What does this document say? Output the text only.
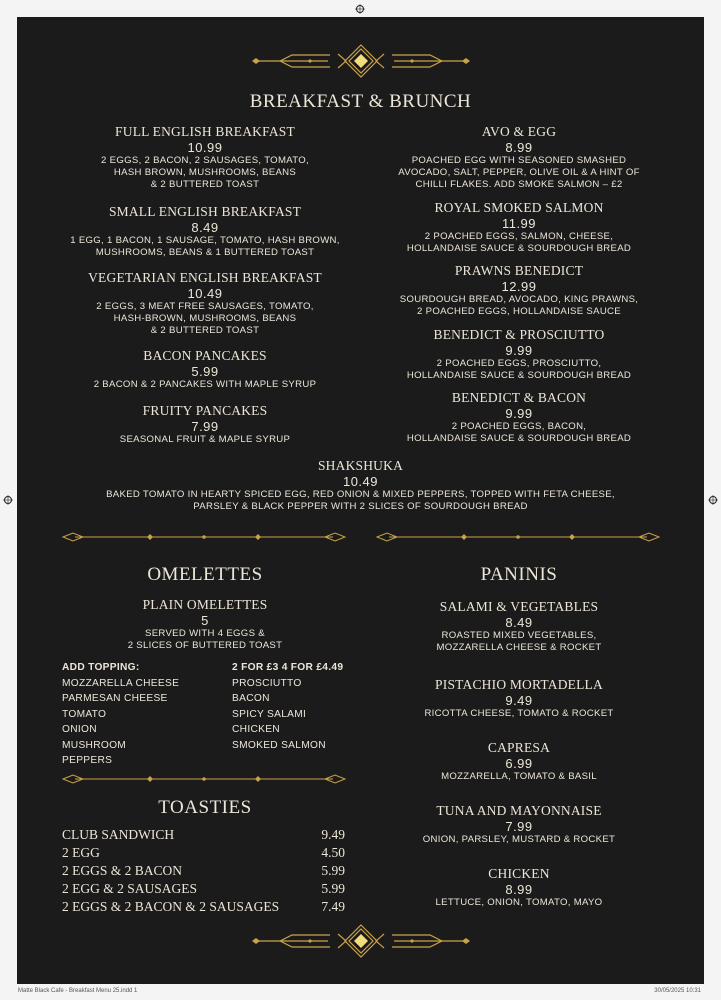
BREAKFAST & BRUNCH
FULL ENGLISH BREAKFAST
10.99
2 EGGS, 2 BACON, 2 SAUSAGES, TOMATO,
HASH BROWN, MUSHROOMS, BEANS
& 2 BUTTERED TOAST
SMALL ENGLISH BREAKFAST
8.49
1 EGG, 1 BACON, 1 SAUSAGE, TOMATO, HASH BROWN,
MUSHROOMS, BEANS & 1 BUTTERED TOAST
VEGETARIAN ENGLISH BREAKFAST
10.49
2 EGGS, 3 MEAT FREE SAUSAGES, TOMATO,
HASH-BROWN, MUSHROOMS, BEANS
& 2 BUTTERED TOAST
BACON PANCAKES
5.99
2 BACON & 2 PANCAKES WITH MAPLE SYRUP
FRUITY PANCAKES
7.99
SEASONAL FRUIT & MAPLE SYRUP
AVO & EGG
8.99
POACHED EGG WITH SEASONED SMASHED
AVOCADO, SALT, PEPPER, OLIVE OIL & A HINT OF
CHILLI FLAKES. ADD SMOKE SALMON – £2
ROYAL SMOKED SALMON
11.99
2 POACHED EGGS, SALMON, CHEESE,
HOLLANDAISE SAUCE & SOURDOUGH BREAD
PRAWNS BENEDICT
12.99
SOURDOUGH BREAD, AVOCADO, KING PRAWNS,
2 POACHED EGGS, HOLLANDAISE SAUCE
BENEDICT & PROSCIUTTO
9.99
2 POACHED EGGS, PROSCIUTTO,
HOLLANDAISE SAUCE & SOURDOUGH BREAD
BENEDICT & BACON
9.99
2 POACHED EGGS, BACON,
HOLLANDAISE SAUCE & SOURDOUGH BREAD
SHAKSHUKA
10.49
BAKED TOMATO IN HEARTY SPICED EGG, RED ONION & MIXED PEPPERS, TOPPED WITH FETA CHEESE,
PARSLEY & BLACK PEPPER WITH 2 SLICES OF SOURDOUGH BREAD
OMELETTES
PLAIN OMELETTES
5
SERVED WITH 4 EGGS &
2 SLICES OF BUTTERED TOAST
ADD TOPPING:
MOZZARELLA CHEESE
PARMESAN CHEESE
TOMATO
ONION
MUSHROOM
PEPPERS
2 FOR £3 4 FOR £4.49
PROSCIUTTO
BACON
SPICY SALAMI
CHICKEN
SMOKED SALMON
TOASTIES
CLUB SANDWICH	9.49
2 EGG	4.50
2 EGGS & 2 BACON	5.99
2 EGG & 2 SAUSAGES	5.99
2 EGGS & 2 BACON & 2 SAUSAGES	7.49
PANINIS
SALAMI & VEGETABLES
8.49
ROASTED MIXED VEGETABLES,
MOZZARELLA CHEESE & ROCKET
PISTACHIO MORTADELLA
9.49
RICOTTA CHEESE, TOMATO & ROCKET
CAPRESA
6.99
MOZZARELLA, TOMATO & BASIL
TUNA AND MAYONNAISE
7.99
ONION, PARSLEY, MUSTARD & ROCKET
CHICKEN
8.99
LETTUCE, ONION, TOMATO, MAYO
Matte Black Cafe - Breakfast Menu 25.indd 1	30/05/2025 10:31
